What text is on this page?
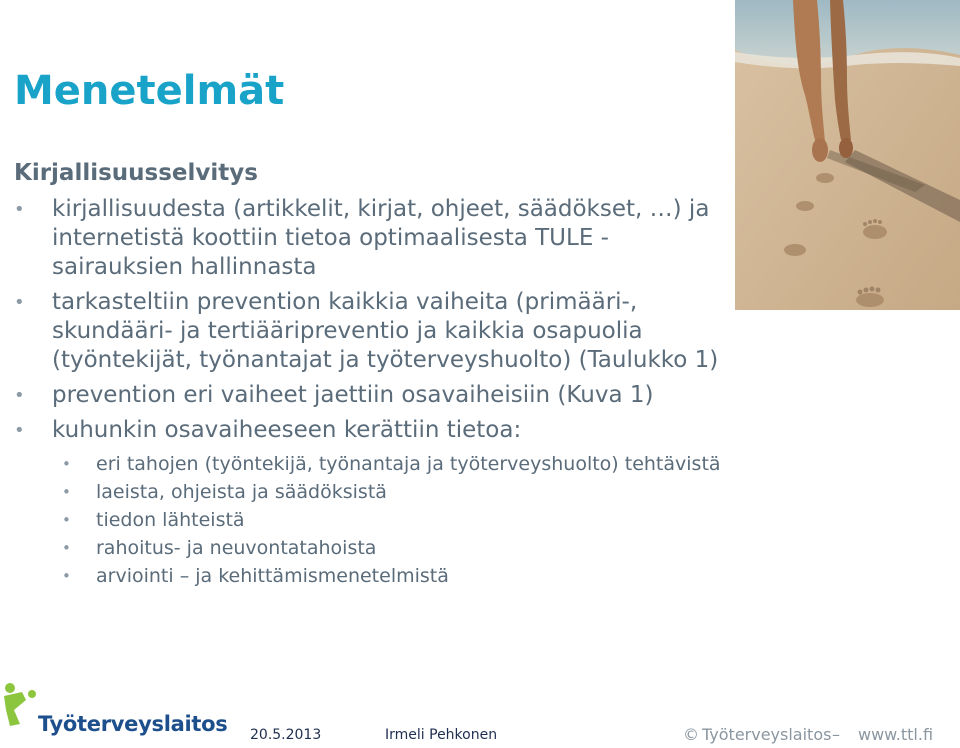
Menetelmät
Kirjallisuusselvitys

• kirjallisuudesta (artikkelit, kirjat, ohjeet, säädökset, …) ja internetistä koottiin tietoa optimaalisesta TULE -sairauksien hallinnasta

• tarkasteltiin prevention kaikkia vaiheita (primääri-, skundääri- ja tertiääripreventio ja kaikkia osapuolia (työntekijät, työnantajat ja työterveyshuolto) (Taulukko 1)

• prevention eri vaiheet jaettiin osavaiheisiin (Kuva 1)

• kuhunkin osavaiheeseen kerättiin tietoa:

• eri tahojen (työntekijä, työnantaja ja työterveyshuolto) tehtävistä

• laeista, ohjeista ja säädöksistä

• tiedon lähteistä

• rahoitus- ja neuvontatahoista

• arviointi – ja kehittämismenetelmistä

Työterveyslaitos 20.5.2013	Irmeli Pehkonen	© Työterveyslaitos – www.ttl.fi
